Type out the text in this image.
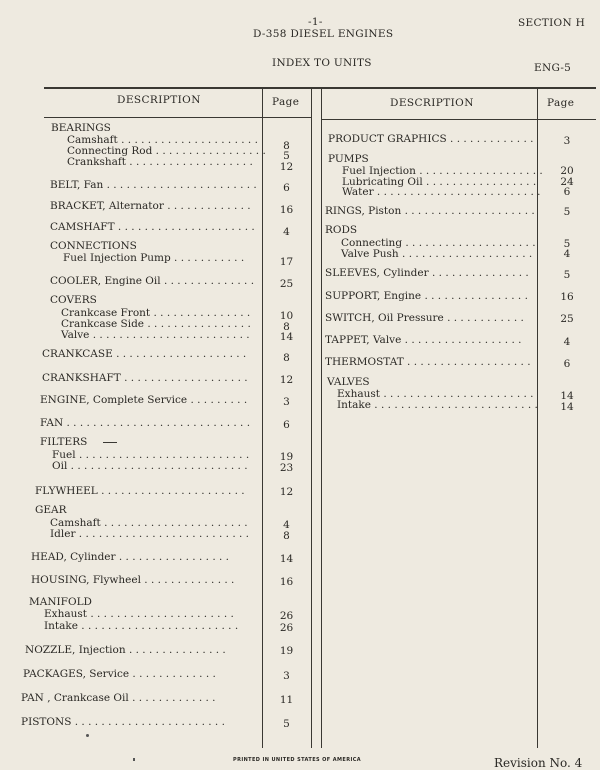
-1-	SECTION H
D-358 DIESEL ENGINES
INDEX TO UNITS	ENG-5
DESCRIPTION	Page	DESCRIPTION	Page
BEARINGS
Camshaft . . . . . . . . . . . . . . . . . . . . .	8
Connecting Rod . . . . . . . . . . . . . . . . .	5
Crankshaft . . . . . . . . . . . . . . . . . . .	12
BELT, Fan . . . . . . . . . . . . . . . . . . . . . . .	6
BRACKET, Alternator . . . . . . . . . . . . .	16
CAMSHAFT . . . . . . . . . . . . . . . . . . . . .	4
CONNECTIONS
Fuel Injection Pump . . . . . . . . . . .	17
COOLER, Engine Oil . . . . . . . . . . . . . .	25
COVERS
Crankcase Front . . . . . . . . . . . . . . .	10
Crankcase Side . . . . . . . . . . . . . . . .	8
Valve . . . . . . . . . . . . . . . . . . . . . . . .	14
CRANKCASE . . . . . . . . . . . . . . . . . . . .	8
CRANKSHAFT . . . . . . . . . . . . . . . . . . .	12
ENGINE, Complete Service . . . . . . . . .	3
FAN . . . . . . . . . . . . . . . . . . . . . . . . . . . .	6
FILTERS
Fuel . . . . . . . . . . . . . . . . . . . . . . . . . .	19
Oil . . . . . . . . . . . . . . . . . . . . . . . . . . .	23
FLYWHEEL . . . . . . . . . . . . . . . . . . . . . .	12
GEAR
Camshaft . . . . . . . . . . . . . . . . . . . . . .	4
Idler . . . . . . . . . . . . . . . . . . . . . . . . . .	8
HEAD, Cylinder . . . . . . . . . . . . . . . . .	14
HOUSING, Flywheel . . . . . . . . . . . . . .	16
MANIFOLD
Exhaust . . . . . . . . . . . . . . . . . . . . . .	26
Intake . . . . . . . . . . . . . . . . . . . . . . . .	26
NOZZLE, Injection . . . . . . . . . . . . . . .	19
PACKAGES, Service . . . . . . . . . . . . .	3
PAN , Crankcase Oil . . . . . . . . . . . . .	11
PISTONS . . . . . . . . . . . . . . . . . . . . . . .	5
PRODUCT GRAPHICS . . . . . . . . . . . . .	3
PUMPS
Fuel Injection . . . . . . . . . . . . . . . . . . .	20
Lubricating Oil . . . . . . . . . . . . . . . . .	24
Water . . . . . . . . . . . . . . . . . . . . . . . . .	6
RINGS, Piston . . . . . . . . . . . . . . . . . . . .	5
RODS
Connecting . . . . . . . . . . . . . . . . . . . .	5
Valve Push . . . . . . . . . . . . . . . . . . . .	4
SLEEVES, Cylinder . . . . . . . . . . . . . . .	5
SUPPORT, Engine . . . . . . . . . . . . . . . .	16
SWITCH, Oil Pressure . . . . . . . . . . . .	25
TAPPET, Valve . . . . . . . . . . . . . . . . . .	4
THERMOSTAT . . . . . . . . . . . . . . . . . . .	6
VALVES
Exhaust . . . . . . . . . . . . . . . . . . . . . . .	14
Intake . . . . . . . . . . . . . . . . . . . . . . . . .	14
PRINTED IN UNITED STATES OF AMERICA	Revision No. 4
